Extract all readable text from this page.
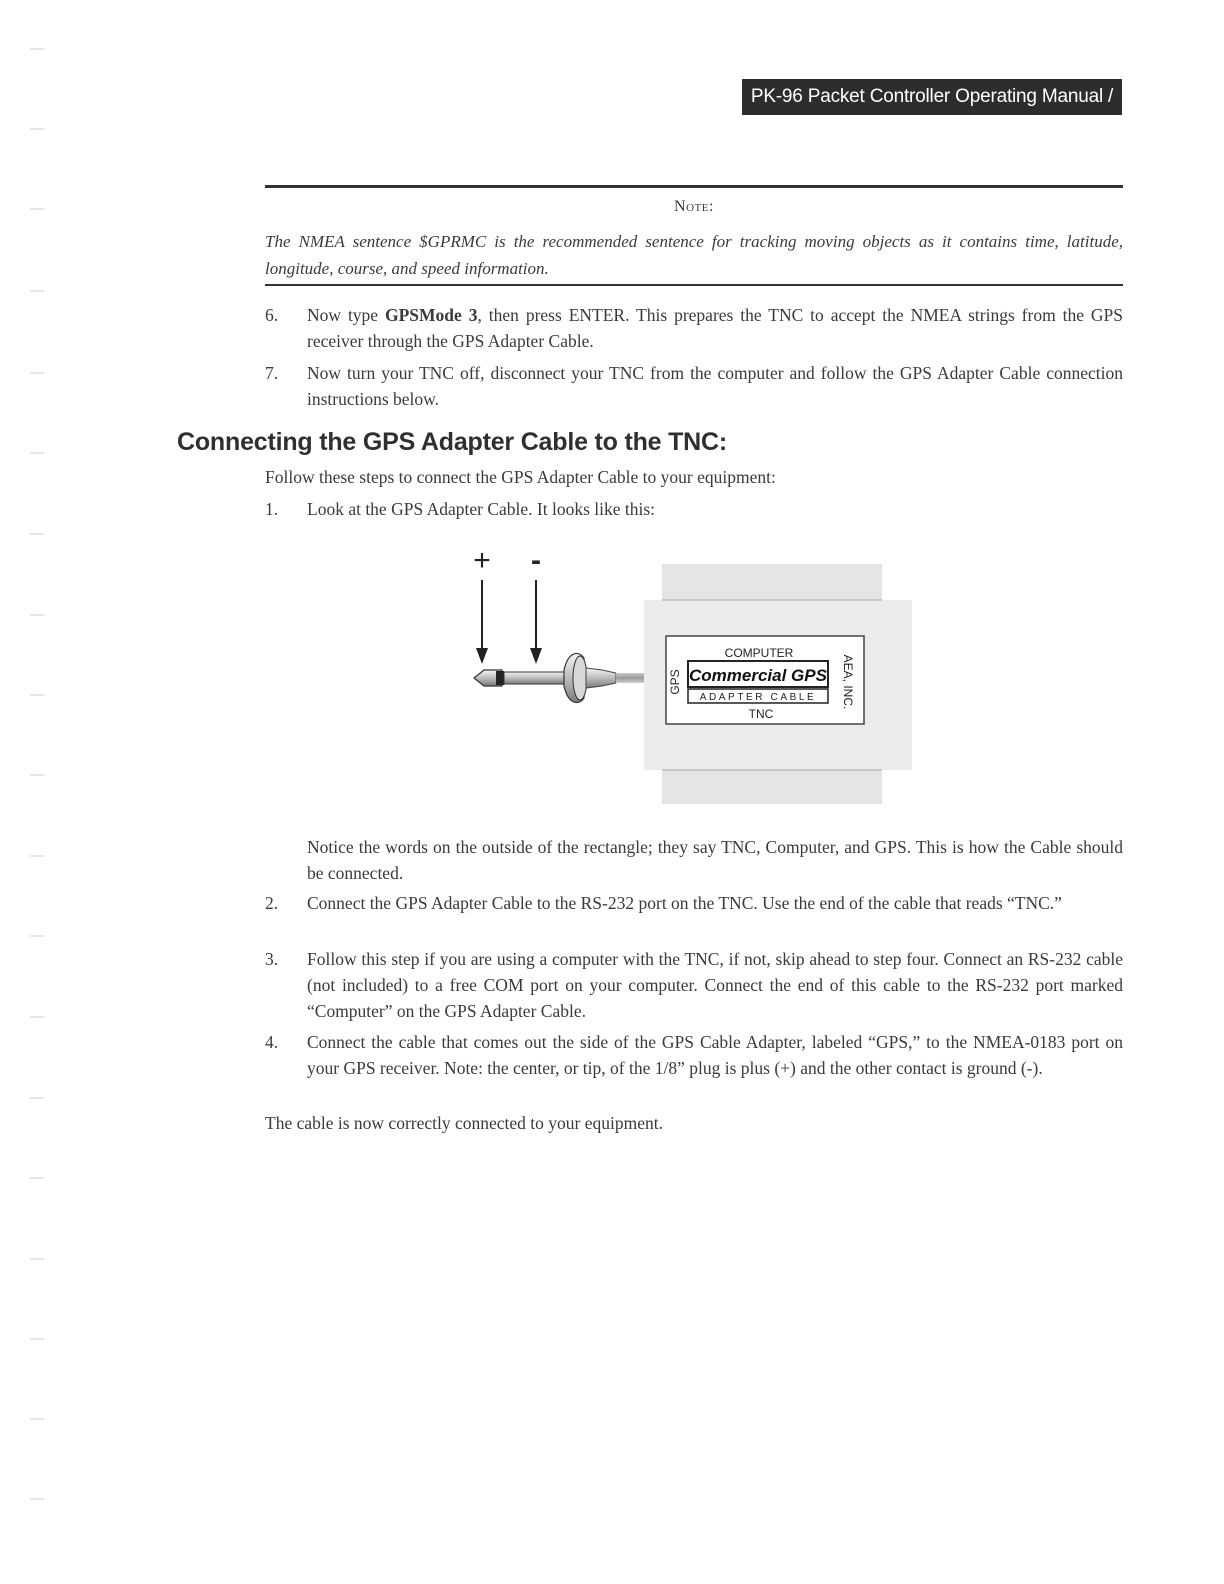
PK-96 Packet Controller Operating Manual / 119
Note:
The NMEA sentence $GPRMC is the recommended sentence for tracking moving objects as it contains time, latitude, longitude, course, and speed information.
6.	Now type GPSMode 3, then press ENTER. This prepares the TNC to accept the NMEA strings from the GPS receiver through the GPS Adapter Cable.
7.	Now turn your TNC off, disconnect your TNC from the computer and follow the GPS Adapter Cable connection instructions below.
Connecting the GPS Adapter Cable to the TNC:
Follow these steps to connect the GPS Adapter Cable to your equipment:
1.	Look at the GPS Adapter Cable. It looks like this:
+ -
COMPUTER
Commercial GPS
ADAPTER CABLE
TNC
GPS	AEA, INC.
Notice the words on the outside of the rectangle; they say TNC, Computer, and GPS. This is how the Cable should be connected.
2.	Connect the GPS Adapter Cable to the RS-232 port on the TNC. Use the end of the cable that reads “TNC.”
3.	Follow this step if you are using a computer with the TNC, if not, skip ahead to step four. Connect an RS-232 cable (not included) to a free COM port on your computer. Connect the end of this cable to the RS-232 port marked “Computer” on the GPS Adapter Cable.
4.	Connect the cable that comes out the side of the GPS Cable Adapter, labeled “GPS,” to the NMEA-0183 port on your GPS receiver. Note: the center, or tip, of the 1/8” plug is plus (+) and the other contact is ground (-).
The cable is now correctly connected to your equipment.
